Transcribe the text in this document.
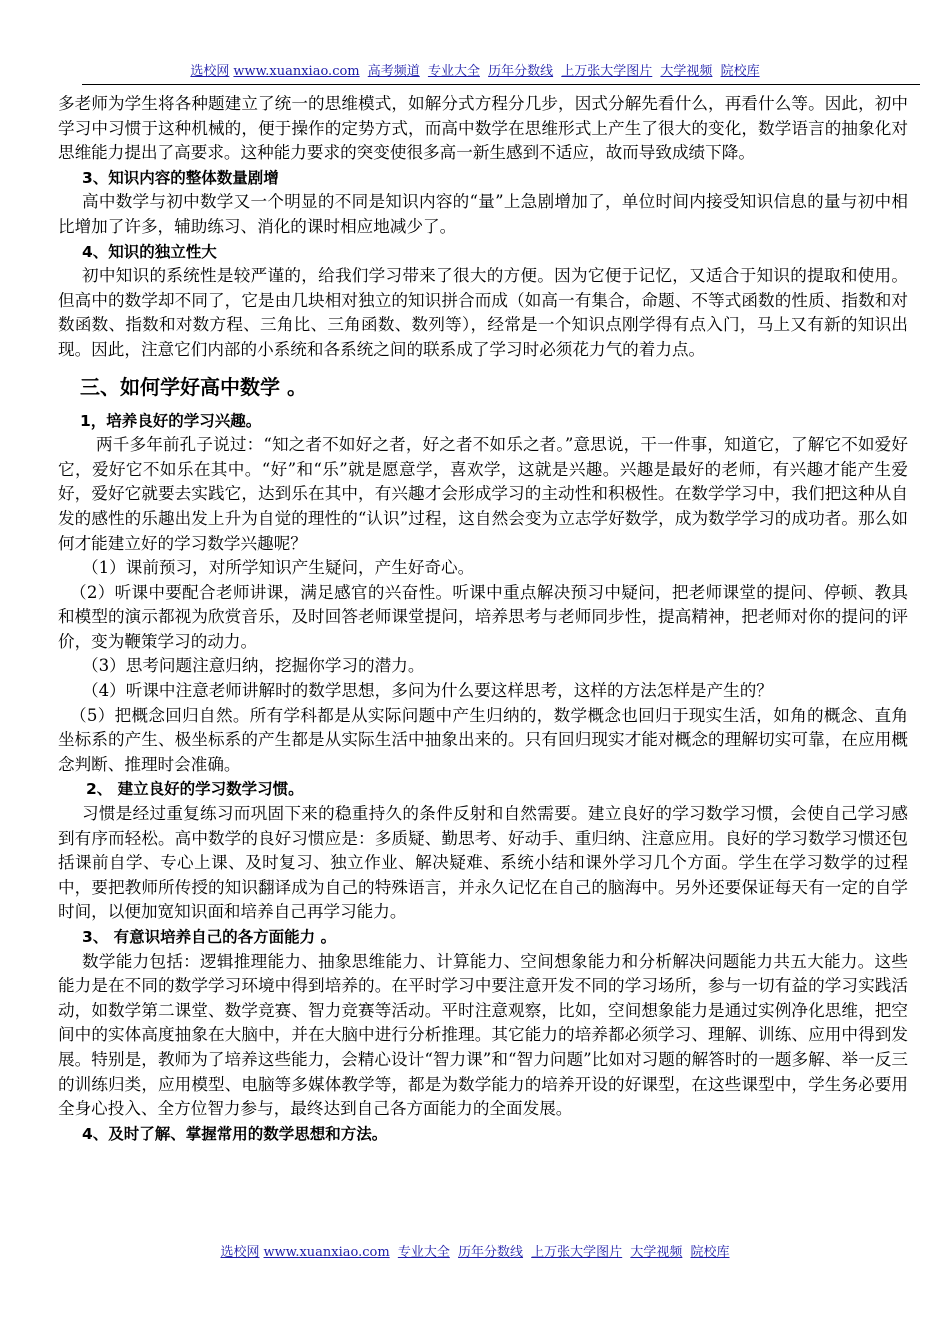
选校网 www.xuanxiao.com 高考频道 专业大全 历年分数线 上万张大学图片 大学视频 院校库

多老师为学生将各种题建立了统一的思维模式，如解分式方程分几步，因式分解先看什么，再看什么等。因此，初中学习中习惯于这种机械的，便于操作的定势方式，而高中数学在思维形式上产生了很大的变化，数学语言的抽象化对思维能力提出了高要求。这种能力要求的突变使很多高一新生感到不适应，故而导致成绩下降。

3、知识内容的整体数量剧增

高中数学与初中数学又一个明显的不同是知识内容的“量”上急剧增加了，单位时间内接受知识信息的量与初中相比增加了许多，辅助练习、消化的课时相应地减少了。

4、知识的独立性大

初中知识的系统性是较严谨的，给我们学习带来了很大的方便。因为它便于记忆，又适合于知识的提取和使用。但高中的数学却不同了，它是由几块相对独立的知识拼合而成（如高一有集合，命题、不等式函数的性质、指数和对数函数、指数和对数方程、三角比、三角函数、数列等），经常是一个知识点刚学得有点入门，马上又有新的知识出现。因此，注意它们内部的小系统和各系统之间的联系成了学习时必须花力气的着力点。

三、如何学好高中数学 。

1，培养良好的学习兴趣。

两千多年前孔子说过：“知之者不如好之者，好之者不如乐之者。”意思说，干一件事，知道它，了解它不如爱好它，爱好它不如乐在其中。“好”和“乐”就是愿意学，喜欢学，这就是兴趣。兴趣是最好的老师，有兴趣才能产生爱好，爱好它就要去实践它，达到乐在其中，有兴趣才会形成学习的主动性和积极性。在数学学习中，我们把这种从自发的感性的乐趣出发上升为自觉的理性的“认识”过程，这自然会变为立志学好数学，成为数学学习的成功者。那么如何才能建立好的学习数学兴趣呢？

（1）课前预习，对所学知识产生疑问，产生好奇心。

（2）听课中要配合老师讲课，满足感官的兴奋性。听课中重点解决预习中疑问，把老师课堂的提问、停顿、教具和模型的演示都视为欣赏音乐，及时回答老师课堂提问，培养思考与老师同步性，提高精神，把老师对你的提问的评价，变为鞭策学习的动力。

（3）思考问题注意归纳，挖掘你学习的潜力。

（4）听课中注意老师讲解时的数学思想，多问为什么要这样思考，这样的方法怎样是产生的？

（5）把概念回归自然。所有学科都是从实际问题中产生归纳的，数学概念也回归于现实生活，如角的概念、直角坐标系的产生、极坐标系的产生都是从实际生活中抽象出来的。只有回归现实才能对概念的理解切实可靠，在应用概念判断、推理时会准确。

2、 建立良好的学习数学习惯。

习惯是经过重复练习而巩固下来的稳重持久的条件反射和自然需要。建立良好的学习数学习惯，会使自己学习感到有序而轻松。高中数学的良好习惯应是：多质疑、勤思考、好动手、重归纳、注意应用。良好的学习数学习惯还包括课前自学、专心上课、及时复习、独立作业、解决疑难、系统小结和课外学习几个方面。学生在学习数学的过程中，要把教师所传授的知识翻译成为自己的特殊语言，并永久记忆在自己的脑海中。另外还要保证每天有一定的自学时间，以便加宽知识面和培养自己再学习能力。

3、 有意识培养自己的各方面能力 。

数学能力包括：逻辑推理能力、抽象思维能力、计算能力、空间想象能力和分析解决问题能力共五大能力。这些能力是在不同的数学学习环境中得到培养的。在平时学习中要注意开发不同的学习场所，参与一切有益的学习实践活动，如数学第二课堂、数学竞赛、智力竞赛等活动。平时注意观察，比如，空间想象能力是通过实例净化思维，把空间中的实体高度抽象在大脑中，并在大脑中进行分析推理。其它能力的培养都必须学习、理解、训练、应用中得到发展。特别是，教师为了培养这些能力，会精心设计“智力课”和“智力问题”比如对习题的解答时的一题多解、举一反三的训练归类，应用模型、电脑等多媒体教学等，都是为数学能力的培养开设的好课型，在这些课型中，学生务必要用全身心投入、全方位智力参与，最终达到自己各方面能力的全面发展。

4、及时了解、掌握常用的数学思想和方法。

选校网 www.xuanxiao.com 专业大全 历年分数线 上万张大学图片 大学视频 院校库
